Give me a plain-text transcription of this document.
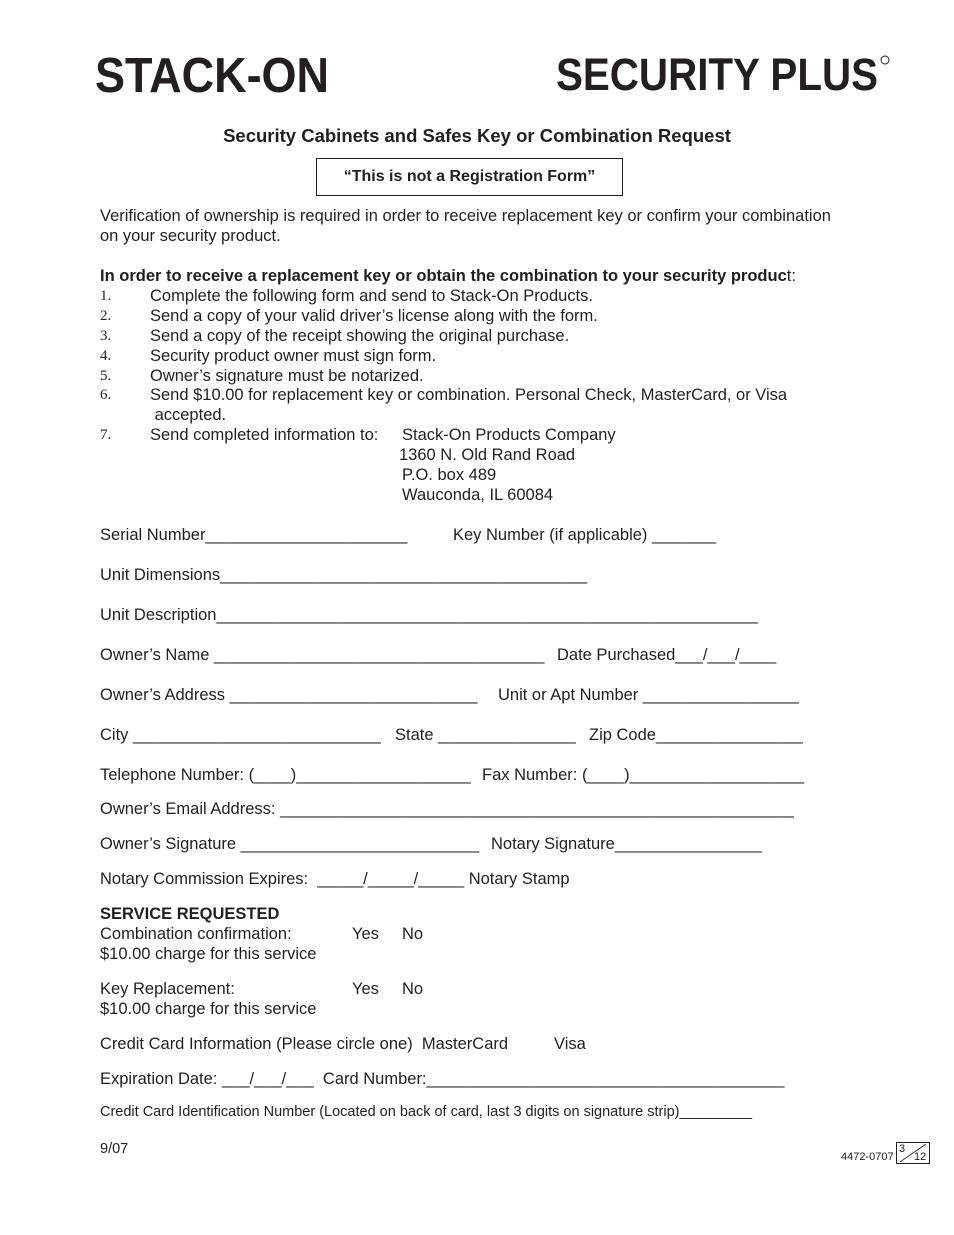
STACK-ON

	SECURITY PLUS

Security Cabinets and Safes Key or Combination Request
“This is not a Registration Form”
Verification of ownership is required in order to receive replacement key or confirm your combination
on your security product.
In order to receive a replacement key or obtain the combination to your security product:
1. Complete the following form and send to Stack-On Products.
2. Send a copy of your valid driver’s license along with the form.
3. Send a copy of the receipt showing the original purchase.
4. Security product owner must sign form.
5. Owner’s signature must be notarized.
6. Send $10.00 for replacement key or combination. Personal Check, MasterCard, or Visa
accepted.
7. Send completed information to: Stack-On Products Company
1360 N. Old Rand Road
P.O. box 489
Wauconda, IL 60084
Serial Number______________________	Key Number (if applicable) _______
Unit Dimensions________________________________________
Unit Description___________________________________________________________
Owner’s Name ____________________________________ Date Purchased___/___/____
Owner’s Address ___________________________ Unit or Apt Number _________________
City ___________________________ State _______________ Zip Code________________
Telephone Number: (____)___________________ Fax Number: (____)___________________
Owner’s Email Address: ________________________________________________________
Owner’s Signature __________________________ Notary Signature________________
Notary Commission Expires:  _____/_____/_____ Notary Stamp
SERVICE REQUESTED
Combination confirmation:	Yes No
$10.00 charge for this service
Key Replacement:	Yes No
$10.00 charge for this service
Credit Card Information (Please circle one)  MasterCard	Visa
Expiration Date: ___/___/___  Card Number:_______________________________________
Credit Card Identification Number (Located on back of card, last 3 digits on signature strip)_________
9/07	4472-0707

3

12
